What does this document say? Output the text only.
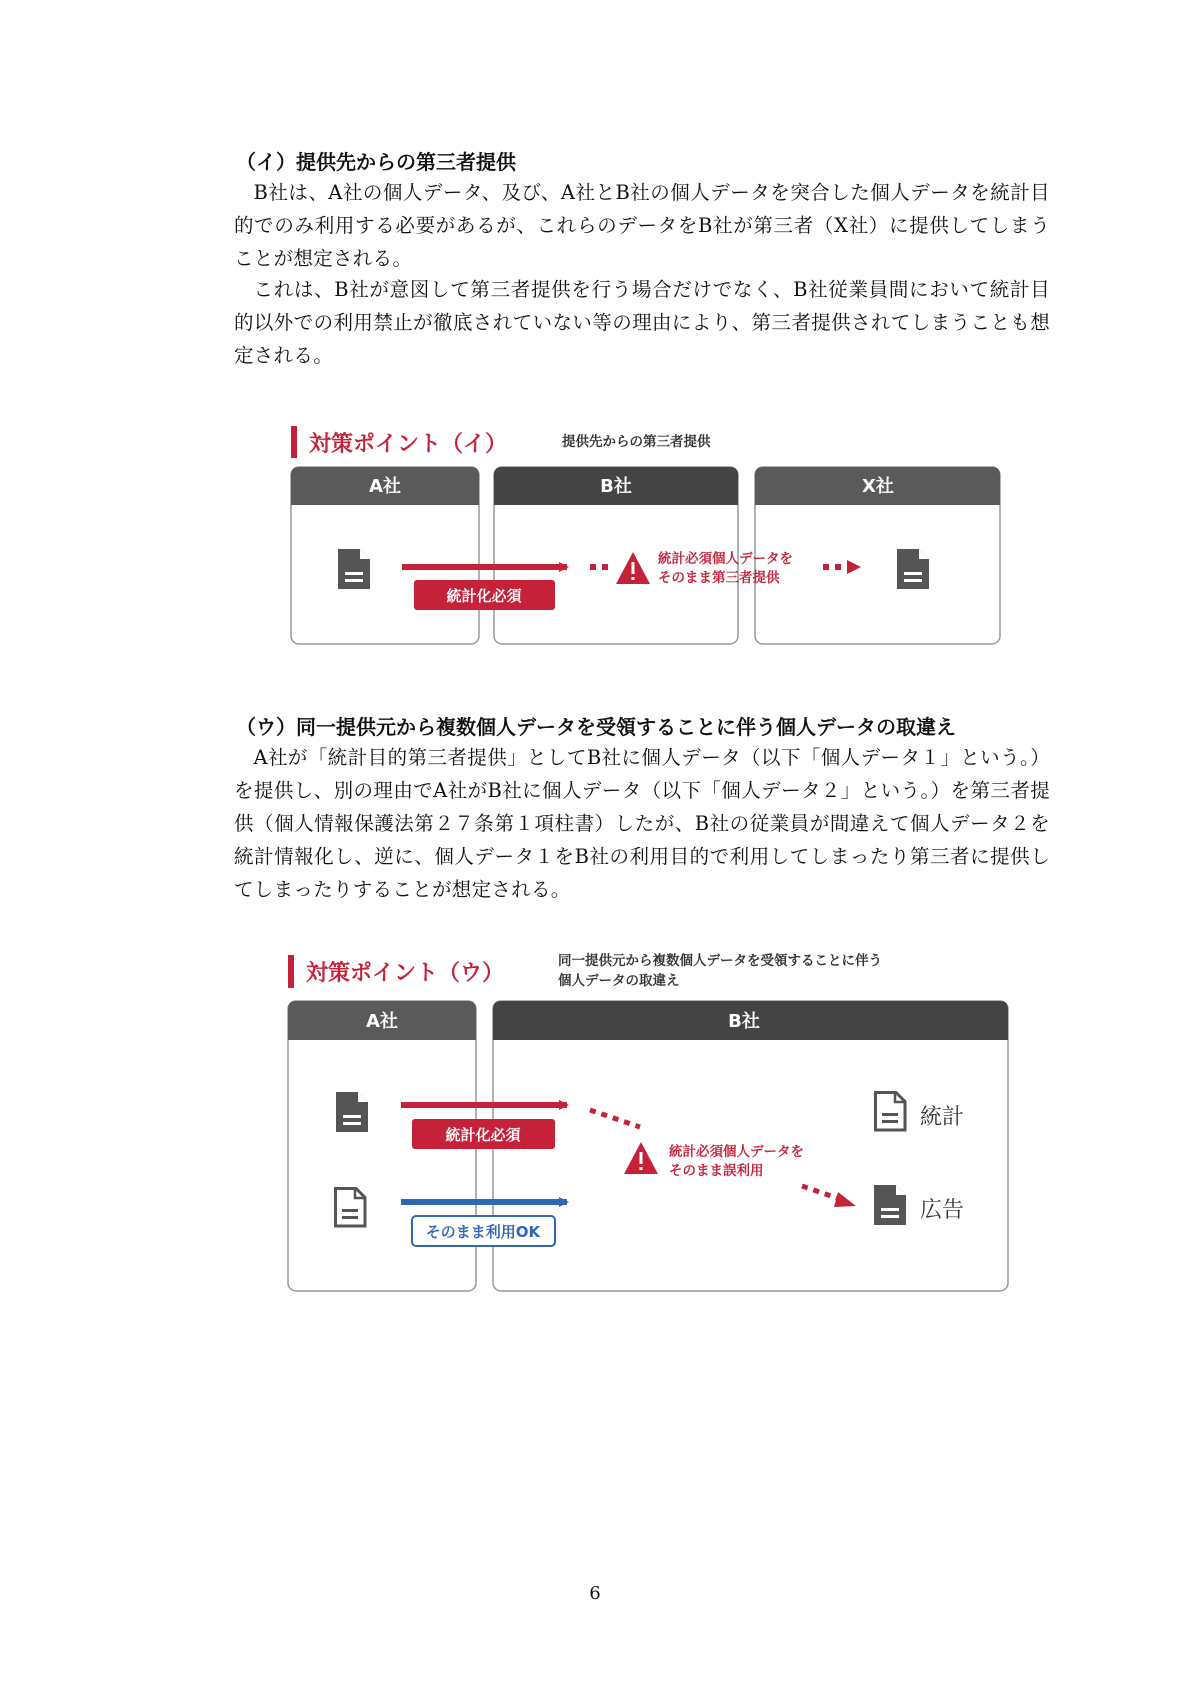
（イ）提供先からの第三者提供
B社は、A社の個人データ、及び、A社とB社の個人データを突合した個人データを統計目的でのみ利用する必要があるが、これらのデータをB社が第三者（X社）に提供してしまうことが想定される。
これは、B社が意図して第三者提供を行う場合だけでなく、B社従業員間において統計目的以外での利用禁止が徹底されていない等の理由により、第三者提供されてしまうことも想定される。
対策ポイント（イ）	提供先からの第三者提供
A社	B社	X社
統計化必須
統計必須個人データを
そのまま第三者提供
（ウ）同一提供元から複数個人データを受領することに伴う個人データの取違え
A社が「統計目的第三者提供」としてB社に個人データ（以下「個人データ１」という。）を提供し、別の理由でA社がB社に個人データ（以下「個人データ２」という。）を第三者提供（個人情報保護法第２７条第１項柱書）したが、B社の従業員が間違えて個人データ２を統計情報化し、逆に、個人データ１をB社の利用目的で利用してしまったり第三者に提供してしまったりすることが想定される。
対策ポイント（ウ）	同一提供元から複数個人データを受領することに伴う
個人データの取違え
A社	B社
統計化必須
そのまま利用OK
統計必須個人データを
そのまま誤利用
統計
広告
6
